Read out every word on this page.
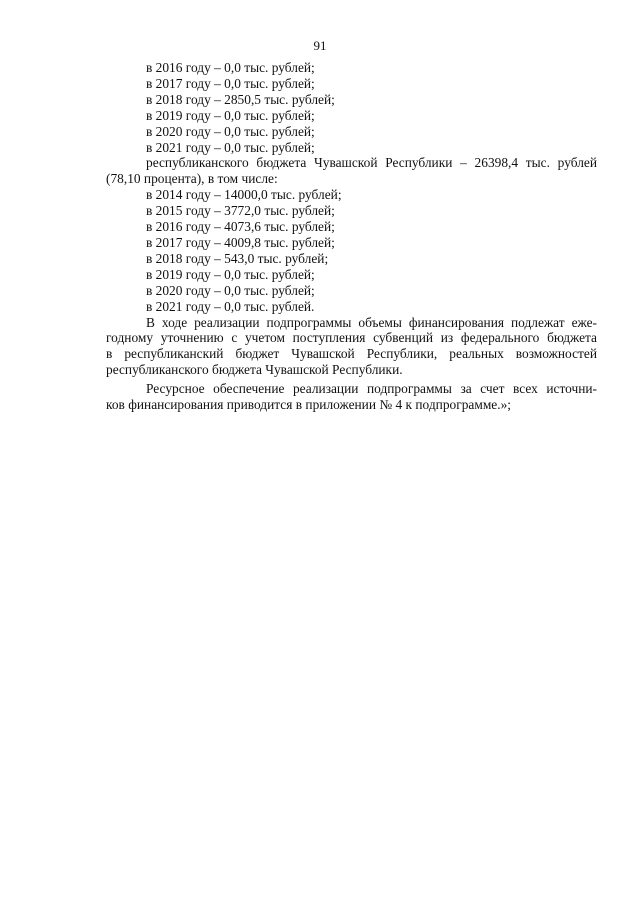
91
в 2016 году – 0,0 тыс. рублей;
в 2017 году – 0,0 тыс. рублей;
в 2018 году – 2850,5 тыс. рублей;
в 2019 году – 0,0 тыс. рублей;
в 2020 году – 0,0 тыс. рублей;
в 2021 году – 0,0 тыс. рублей;
республиканского бюджета Чувашской Республики – 26398,4 тыс. рублей
(78,10 процента), в том числе:
в 2014 году – 14000,0 тыс. рублей;
в 2015 году – 3772,0 тыс. рублей;
в 2016 году – 4073,6 тыс. рублей;
в 2017 году – 4009,8 тыс. рублей;
в 2018 году – 543,0 тыс. рублей;
в 2019 году – 0,0 тыс. рублей;
в 2020 году – 0,0 тыс. рублей;
в 2021 году – 0,0 тыс. рублей.
В ходе реализации подпрограммы объемы финансирования подлежат еже-
годному уточнению с учетом поступления субвенций из федерального бюджета
в республиканский бюджет Чувашской Республики, реальных возможностей
республиканского бюджета Чувашской Республики.
Ресурсное обеспечение реализации подпрограммы за счет всех источни-
ков финансирования приводится в приложении № 4 к подпрограмме.»;
